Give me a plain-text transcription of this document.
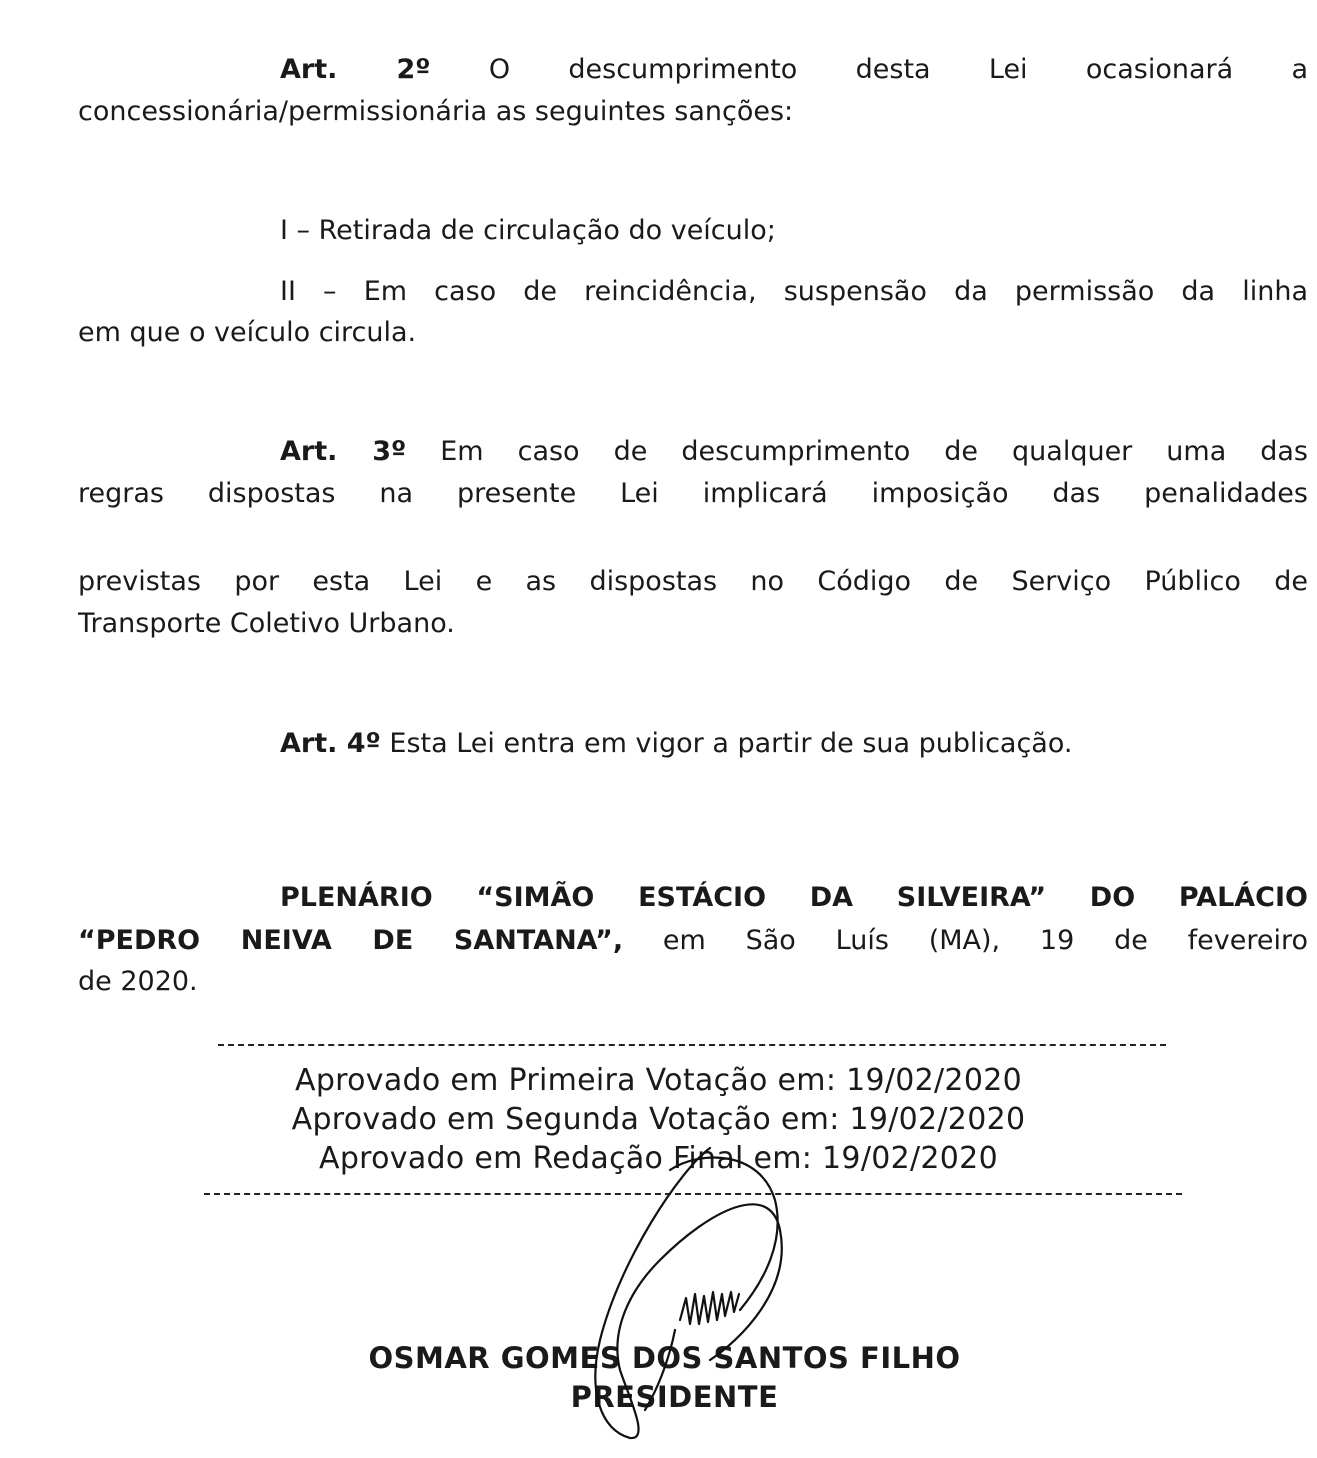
Art. 2º O descumprimento desta Lei ocasionará a

concessionária/permissionária as seguintes sanções:

I – Retirada de circulação do veículo;

II – Em caso de reincidência, suspensão da permissão da linha

em que o veículo circula.

Art. 3º Em caso de descumprimento de qualquer uma das

regras dispostas na presente Lei implicará imposição das penalidades

previstas por esta Lei e as dispostas no Código de Serviço Público de

Transporte Coletivo Urbano.

Art. 4º Esta Lei entra em vigor a partir de sua publicação.

PLENÁRIO “SIMÃO ESTÁCIO DA SILVEIRA” DO PALÁCIO

“PEDRO NEIVA DE SANTANA”, em São Luís (MA), 19 de fevereiro

de 2020.

Aprovado em Primeira Votação em: 19/02/2020
Aprovado em Segunda Votação em: 19/02/2020
Aprovado em Redação Final em: 19/02/2020
OSMAR GOMES DOS SANTOS FILHO
PRESIDENTE
